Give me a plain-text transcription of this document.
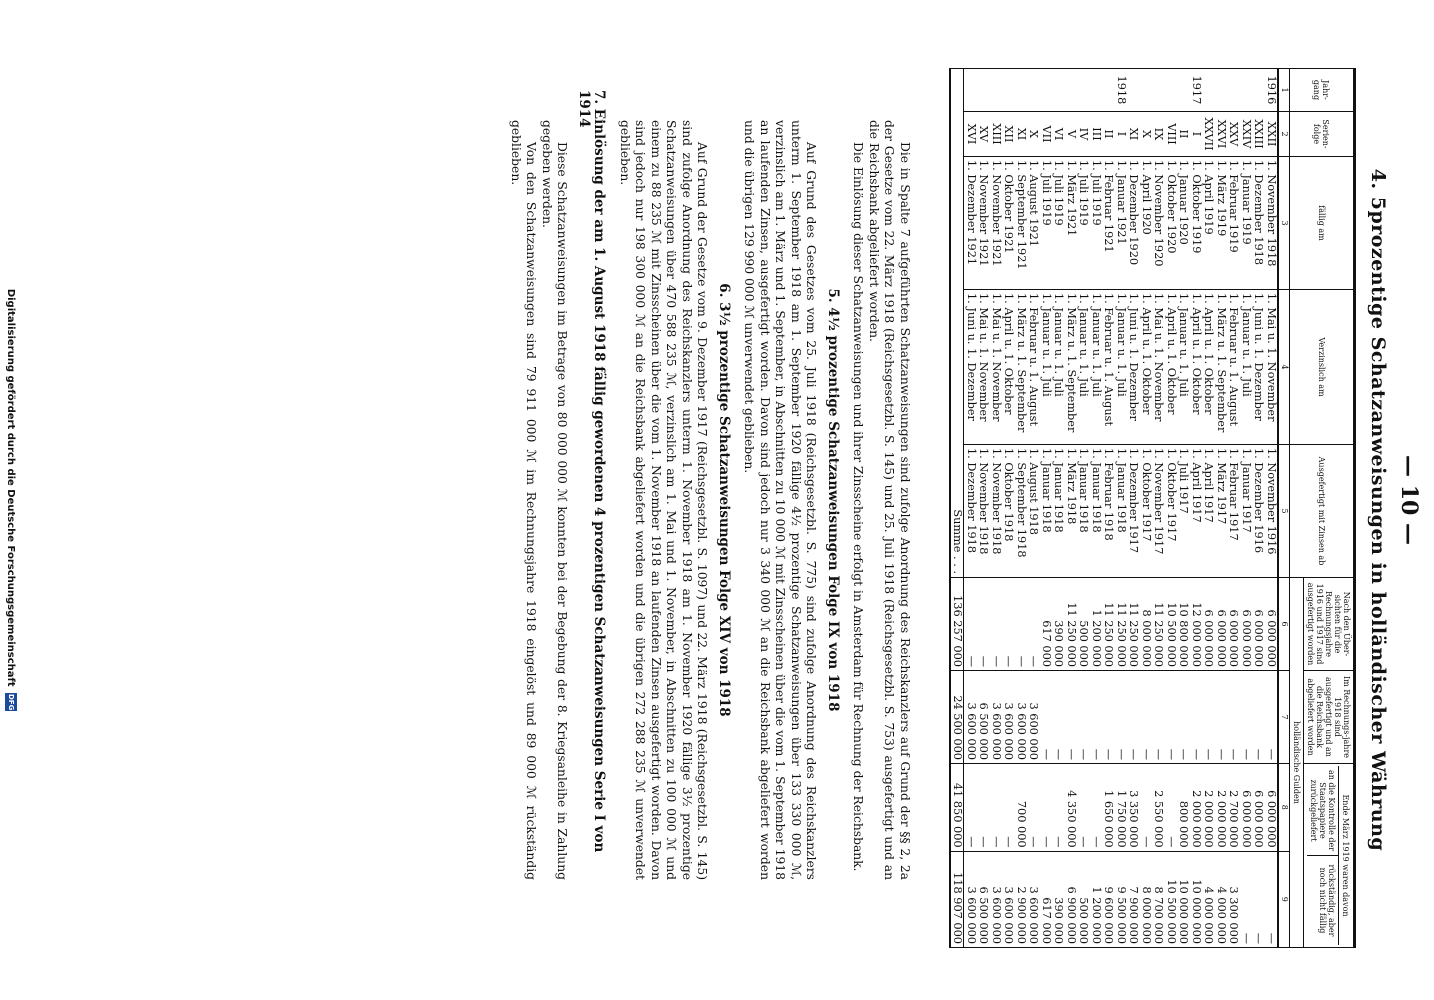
— 10 —
4. 5prozentige Schatzanweisungen in holländischer Währung
Jahr-gang	Serien-folge	fällig am	Verzinslich am	Ausgefertigt mit Zinsen ab	Nach den Über-sichten für die Rechnungsjahre 1916 und 1917 sind ausgefertigt worden	Im Rechnungs-jahre 1918 sind ausgefertigt und an die Reichsbank abgeliefert worden	Ende März 1919 waren davon
an die Kontrolle der Staatspapiere zurückgeliefert
rückständig, aber noch nicht fällig	

					holländische Gulden			
1	2	3	4	5	6	7	8	9
1916	XXII	1. November 1918	1. Mai u. 1. November	1. November 1916	6 000 000	—	6 000 000	—
	XXIII	1. Dezember 1918	1. Juni u. 1. Dezember	1. Dezember 1916	6 000 000	—	6 000 000	—
	XXIV	1. Januar 1919	1. Januar u. 1. Juli	1. Januar 1917	6 000 000	—	6 000 000	—
	XXV	1. Februar 1919	1. Februar u. 1. August	1. Februar 1917	6 000 000	—	2 700 000	3 300 000
	XXVI	1. März 1919	1. März u. 1. September	1. März 1917	6 000 000	—	2 000 000	4 000 000
	XXVII	1. April 1919	1. April u. 1. Oktober	1. April 1917	6 000 000	—	2 000 000	4 000 000
1917	I	1. Oktober 1919	1. April u. 1. Oktober	1. April 1917	12 000 000	—	2 000 000	10 000 000
	II	1. Januar 1920	1. Januar u. 1. Juli	1. Juli 1917	10 800 000	—	800 000	10 000 000
	VIII	1. Oktober 1920	1. April u. 1. Oktober	1. Oktober 1917	10 500 000	—	—	10 500 000
	IX	1. November 1920	1. Mai u. 1. November	1. November 1917	11 250 000	—	2 550 000	8 700 000
	X	1. April 1920	1. April u. 1. Oktober	1. Oktober 1917	8 000 000	—	—	8 000 000
	XI	1. Dezember 1920	1. Juni u. 1. Dezember	1. Dezember 1917	11 250 000	—	3 350 000	7 900 000
1918	I	1. Januar 1921	1. Januar u. 1. Juli	1. Januar 1918	11 250 000	—	1 750 000	9 500 000
	II	1. Februar 1921	1. Februar u. 1. August	1. Februar 1918	11 250 000	—	1 650 000	9 600 000
	III	1. Juli 1919	1. Januar u. 1. Juli	1. Januar 1918	1 200 000	—	—	1 200 000
	IV	1. Juli 1919	1. Januar u. 1. Juli	1. Januar 1918	500 000	—	—	500 000
	V	1. März 1921	1. März u. 1. September	1. März 1918	11 250 000	—	4 350 000	6 900 000
	VI	1. Juli 1919	1. Januar u. 1. Juli	1. Januar 1918	390 000	—	—	390 000
	VII	1. Juli 1919	1. Januar u. 1. Juli	1. Januar 1918	617 000	—	—	617 000
	X	1. August 1921	1. Februar u. 1. August	1. August 1918	—	3 600 000	—	3 600 000
	XI	1. September 1921	1. März u. 1. September	1. September 1918	—	3 600 000	700 000	2 900 000
	XII	1. Oktober 1921	1. April u. 1. Oktober	1. Oktober 1918	—	3 600 000	—	3 600 000
	XIII	1. November 1921	1. Mai u. 1. November	1. November 1918	—	3 600 000	—	3 600 000
	XV	1. November 1921	1. Mai u. 1. November	1. November 1918	—	6 500 000	—	6 500 000
	XVI	1. Dezember 1921	1. Juni u. 1. Dezember	1. Dezember 1918	—	3 600 000	—	3 600 000
Summe . . .					136 257 000	24 500 000	41 850 000	118 907 000

Die in Spalte 7 aufgeführten Schatzanweisungen sind zufolge Anordnung des Reichskanzlers auf Grund der §§ 2, 2a der Gesetze vom 22. März 1918 (Reichsgesetzbl. S. 145) und 25. Juli 1918 (Reichsgesetzbl. S. 753) ausgefertigt und an die Reichsbank abgeliefert worden.

Die Einlösung dieser Schatzanweisungen und ihrer Zinsscheine erfolgt in Amsterdam für Rechnung der Reichsbank.

5. 4½ prozentige Schatzanweisungen Folge IX von 1918

Auf Grund des Gesetzes vom 25. Juli 1918 (Reichsgesetzbl. S. 775) sind zufolge Anordnung des Reichskanzlers unterm 1. September 1918 am 1. September 1920 fällige 4½ prozentige Schatzanweisungen über 133 330 000 ℳ, verzinslich am 1. März und 1. September, in Abschnitten zu 10 000 ℳ mit Zinsscheinen über die vom 1. September 1918 an laufenden Zinsen, ausgefertigt worden. Davon sind jedoch nur 3 340 000 ℳ an die Reichsbank abgeliefert worden und die übrigen 129 990 000 ℳ unverwendet geblieben.

6. 3½ prozentige Schatzanweisungen Folge XIV von 1918

Auf Grund der Gesetze vom 9. Dezember 1917 (Reichsgesetzbl. S. 1097) und 22. März 1918 (Reichsgesetzbl. S. 145) sind zufolge Anordnung des Reichskanzlers unterm 1. November 1918 am 1. November 1920 fällige 3½ prozentige Schatzanweisungen über 470 588 235 ℳ, verzinslich am 1. Mai und 1. November, in Abschnitten zu 100 000 ℳ und einem zu 88 235 ℳ mit Zinsscheinen über die vom 1. November 1918 an laufenden Zinsen ausgefertigt worden. Davon sind jedoch nur 198 300 000 ℳ an die Reichsbank abgeliefert worden und die übrigen 272 288 235 ℳ unverwendet geblieben.

7. Einlösung der am 1. August 1918 fällig gewordenen 4 prozentigen Schatzanweisungen Serie I von 1914

Diese Schatzanweisungen im Betrage von 80 000 000 ℳ konnten bei der Begebung der 8. Kriegsanleihe in Zahlung gegeben werden.

Von den Schatzanweisungen sind 79 911 000 ℳ im Rechnungsjahre 1918 eingelöst und 89 000 ℳ rückständig geblieben.

Digitalisierung gefördert durch die Deutsche Forschungsgemeinschaft DFG
